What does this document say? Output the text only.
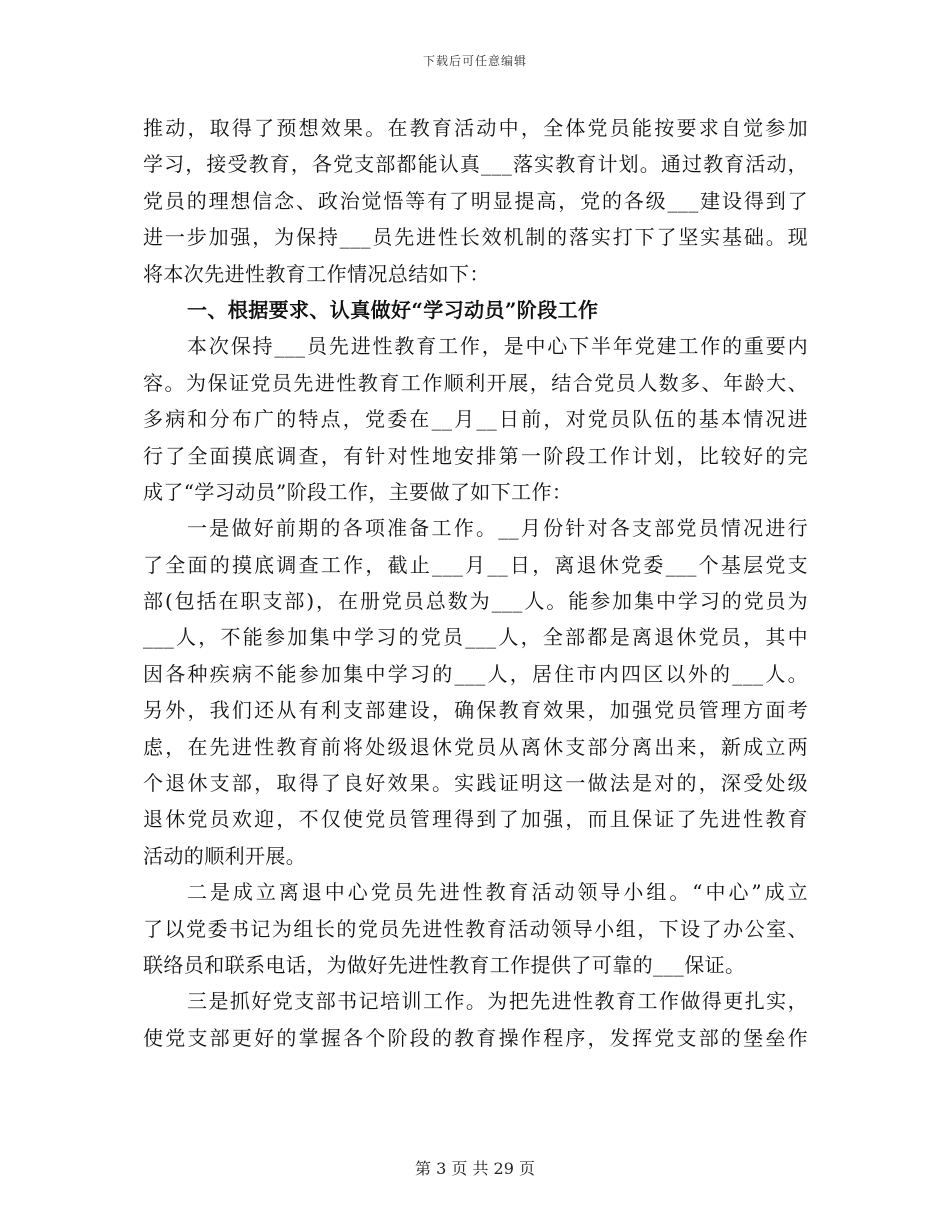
下载后可任意编辑
推动，取得了预想效果。在教育活动中，全体党员能按要求自觉参加
学习，接受教育，各党支部都能认真___落实教育计划。通过教育活动，
党员的理想信念、政治觉悟等有了明显提高，党的各级___建设得到了
进一步加强，为保持___员先进性长效机制的落实打下了坚实基础。现
将本次先进性教育工作情况总结如下：
一、根据要求、认真做好“学习动员”阶段工作
本次保持___员先进性教育工作，是中心下半年党建工作的重要内
容。为保证党员先进性教育工作顺利开展，结合党员人数多、年龄大、
多病和分布广的特点，党委在__月__日前，对党员队伍的基本情况进
行了全面摸底调查，有针对性地安排第一阶段工作计划，比较好的完
成了“学习动员”阶段工作，主要做了如下工作：
一是做好前期的各项准备工作。__月份针对各支部党员情况进行
了全面的摸底调查工作，截止___月__日，离退休党委___个基层党支
部(包括在职支部)，在册党员总数为___人。能参加集中学习的党员为
___人，不能参加集中学习的党员___人，全部都是离退休党员，其中
因各种疾病不能参加集中学习的___人，居住市内四区以外的___人。
另外，我们还从有利支部建设，确保教育效果，加强党员管理方面考
虑，在先进性教育前将处级退休党员从离休支部分离出来，新成立两
个退休支部，取得了良好效果。实践证明这一做法是对的，深受处级
退休党员欢迎，不仅使党员管理得到了加强，而且保证了先进性教育
活动的顺利开展。
二是成立离退中心党员先进性教育活动领导小组。“中心”成立
了以党委书记为组长的党员先进性教育活动领导小组，下设了办公室、
联络员和联系电话，为做好先进性教育工作提供了可靠的___保证。
三是抓好党支部书记培训工作。为把先进性教育工作做得更扎实，
使党支部更好的掌握各个阶段的教育操作程序，发挥党支部的堡垒作
第 3 页 共 29 页
